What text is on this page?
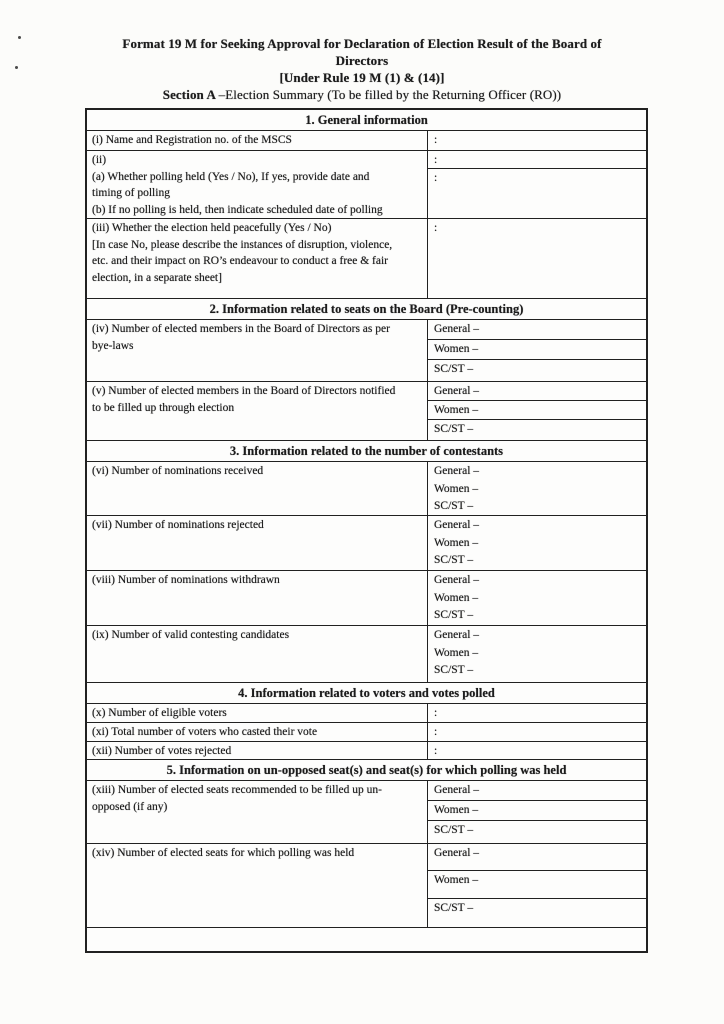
Format 19 M for Seeking Approval for Declaration of Election Result of the Board of
Directors
[Under Rule 19 M (1) & (14)]
Section A –Election Summary (To be filled by the Returning Officer (RO))
1. General information
(i) Name and Registration no. of the MSCS	:
(ii)
(a) Whether polling held (Yes / No), If yes, provide date and
timing of polling
(b) If no polling is held, then indicate scheduled date of polling
:
:
(iii) Whether the election held peacefully (Yes / No)
[In case No, please describe the instances of disruption, violence,
etc. and their impact on RO’s endeavour to conduct a free & fair
election, in a separate sheet]
:
2. Information related to seats on the Board (Pre-counting)
(iv) Number of elected members in the Board of Directors as per
bye-laws
General –
Women –
SC/ST –
(v) Number of elected members in the Board of Directors notified
to be filled up through election
General –
Women –
SC/ST –
3. Information related to the number of contestants
(vi) Number of nominations received	General –
Women –
SC/ST –
(vii) Number of nominations rejected	General –
Women –
SC/ST –
(viii) Number of nominations withdrawn	General –
Women –
SC/ST –
(ix) Number of valid contesting candidates	General –
Women –
SC/ST –
4. Information related to voters and votes polled
(x) Number of eligible voters	:
(xi) Total number of voters who casted their vote	:
(xii) Number of votes rejected	:
5. Information on un-opposed seat(s) and seat(s) for which polling was held
(xiii) Number of elected seats recommended to be filled up un-
opposed (if any)
General –
Women –
SC/ST –
(xiv) Number of elected seats for which polling was held	General –
Women –
SC/ST –
